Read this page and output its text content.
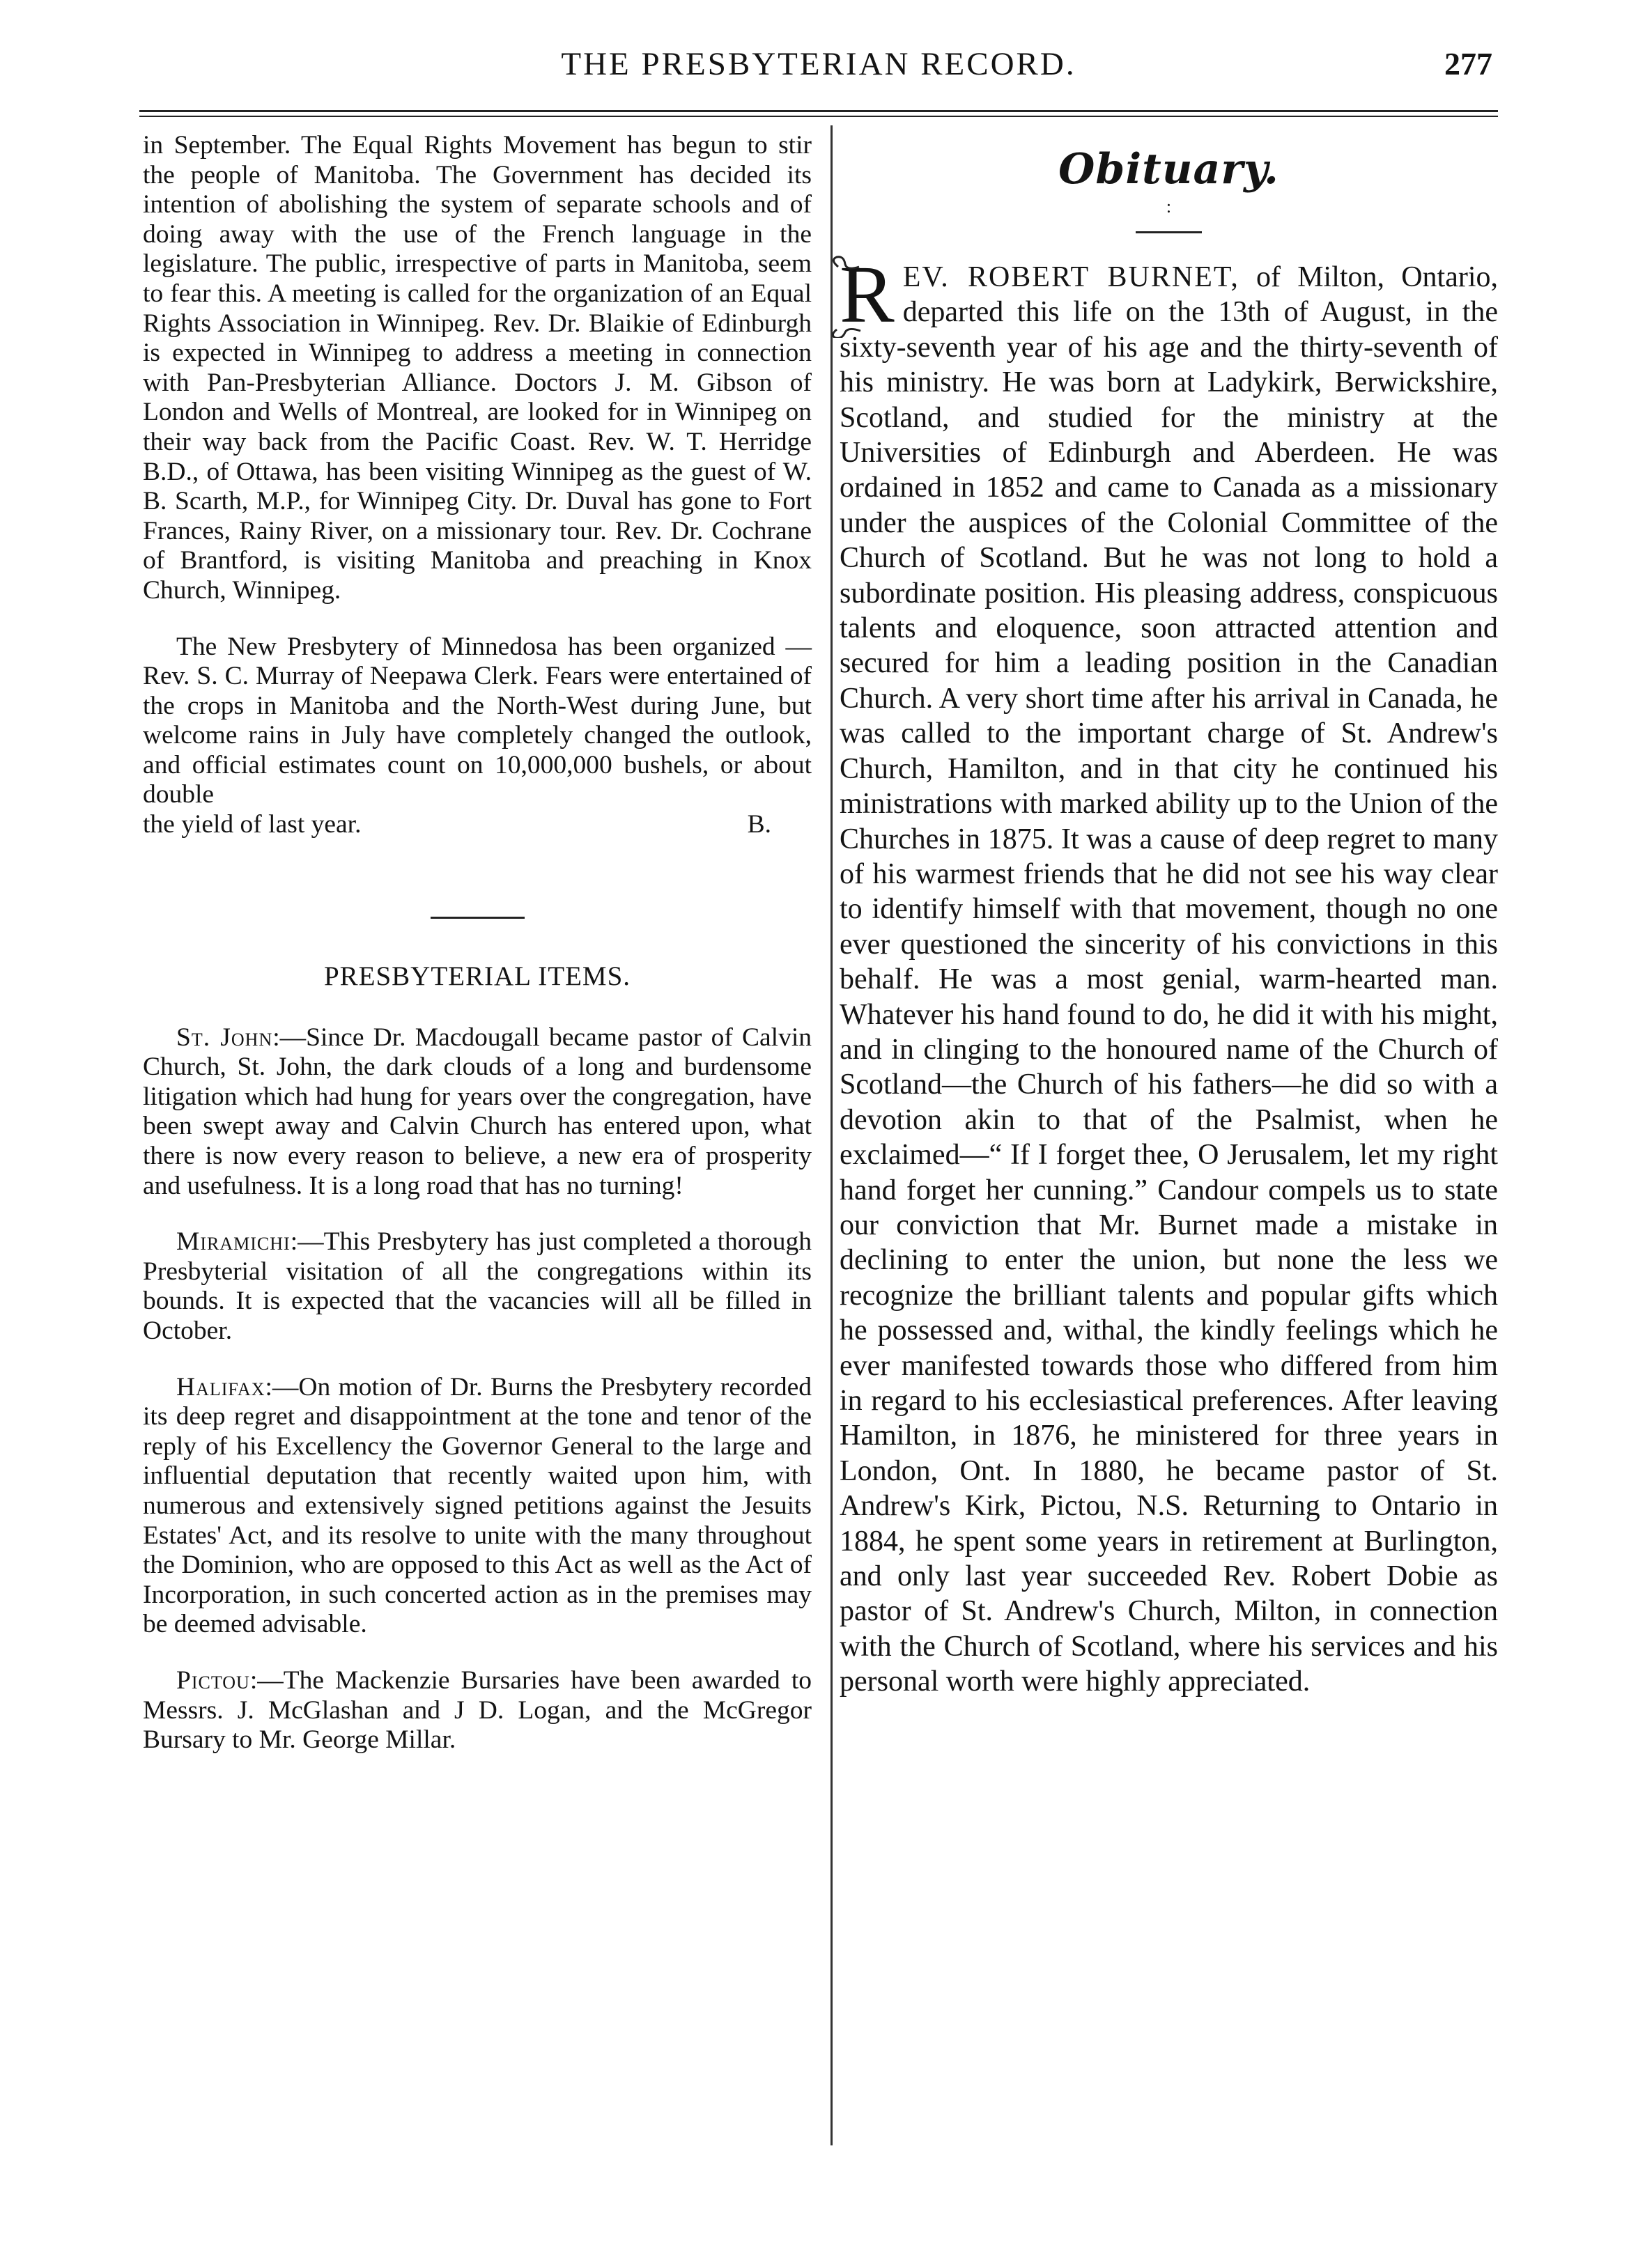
THE PRESBYTERIAN RECORD.	277

in September. The Equal Rights Movement has begun to stir the people of Manitoba. The Government has decided its intention of abolishing the system of separate schools and of doing away with the use of the French language in the legislature. The public, irrespective of parts in Manitoba, seem to fear this. A meeting is called for the organization of an Equal Rights Association in Winnipeg. Rev. Dr. Blaikie of Edinburgh is expected in Winnipeg to address a meeting in connection with Pan-Presbyterian Alliance. Doctors J. M. Gibson of London and Wells of Montreal, are looked for in Winnipeg on their way back from the Pacific Coast. Rev. W. T. Herridge B.D., of Ottawa, has been visiting Winnipeg as the guest of W. B. Scarth, M.P., for Winnipeg City. Dr. Duval has gone to Fort Frances, Rainy River, on a missionary tour. Rev. Dr. Cochrane of Brantford, is visiting Manitoba and preaching in Knox Church, Winnipeg.

The New Presbytery of Minnedosa has been organized —Rev. S. C. Murray of Neepawa Clerk. Fears were entertained of the crops in Manitoba and the North-West during June, but welcome rains in July have completely changed the outlook, and official estimates count on 10,000,000 bushels, or about double

the yield of last year.	B.
PRESBYTERIAL ITEMS.

St. John:—Since Dr. Macdougall became pastor of Calvin Church, St. John, the dark clouds of a long and burdensome litigation which had hung for years over the congregation, have been swept away and Calvin Church has entered upon, what there is now every reason to believe, a new era of prosperity and usefulness. It is a long road that has no turning!

Miramichi:—This Presbytery has just completed a thorough Presbyterial visitation of all the congregations within its bounds. It is expected that the vacancies will all be filled in October.

Halifax:—On motion of Dr. Burns the Presbytery recorded its deep regret and disappointment at the tone and tenor of the reply of his Excellency the Governor General to the large and influential deputation that recently waited upon him, with numerous and extensively signed petitions against the Jesuits Estates' Act, and its resolve to unite with the many throughout the Dominion, who are opposed to this Act as well as the Act of Incorporation, in such concerted action as in the premises may be deemed advisable.

Pictou:—The Mackenzie Bursaries have been awarded to Messrs. J. McGlashan and J D. Logan, and the McGregor Bursary to Mr. George Millar.

Obituary.
:

REV. ROBERT BURNET, of Milton, Ontario, departed this life on the 13th of August, in the sixty-seventh year of his age and the thirty-seventh of his ministry. He was born at Ladykirk, Berwickshire, Scotland, and studied for the ministry at the Universities of Edinburgh and Aberdeen. He was ordained in 1852 and came to Canada as a missionary under the auspices of the Colonial Committee of the Church of Scotland. But he was not long to hold a subordinate position. His pleasing address, conspicuous talents and eloquence, soon attracted attention and secured for him a leading position in the Canadian Church. A very short time after his arrival in Canada, he was called to the important charge of St. Andrew's Church, Hamilton, and in that city he continued his ministrations with marked ability up to the Union of the Churches in 1875. It was a cause of deep regret to many of his warmest friends that he did not see his way clear to identify himself with that movement, though no one ever questioned the sincerity of his convictions in this behalf. He was a most genial, warm-hearted man. Whatever his hand found to do, he did it with his might, and in clinging to the honoured name of the Church of Scotland—the Church of his fathers—he did so with a devotion akin to that of the Psalmist, when he exclaimed—“ If I forget thee, O Jerusalem, let my right hand forget her cunning.” Candour compels us to state our conviction that Mr. Burnet made a mistake in declining to enter the union, but none the less we recognize the brilliant talents and popular gifts which he possessed and, withal, the kindly feelings which he ever manifested towards those who differed from him in regard to his ecclesiastical preferences. After leaving Hamilton, in 1876, he ministered for three years in London, Ont. In 1880, he became pastor of St. Andrew's Kirk, Pictou, N.S. Returning to Ontario in 1884, he spent some years in retirement at Burlington, and only last year succeeded Rev. Robert Dobie as pastor of St. Andrew's Church, Milton, in connection with the Church of Scotland, where his services and his personal worth were highly appreciated.
